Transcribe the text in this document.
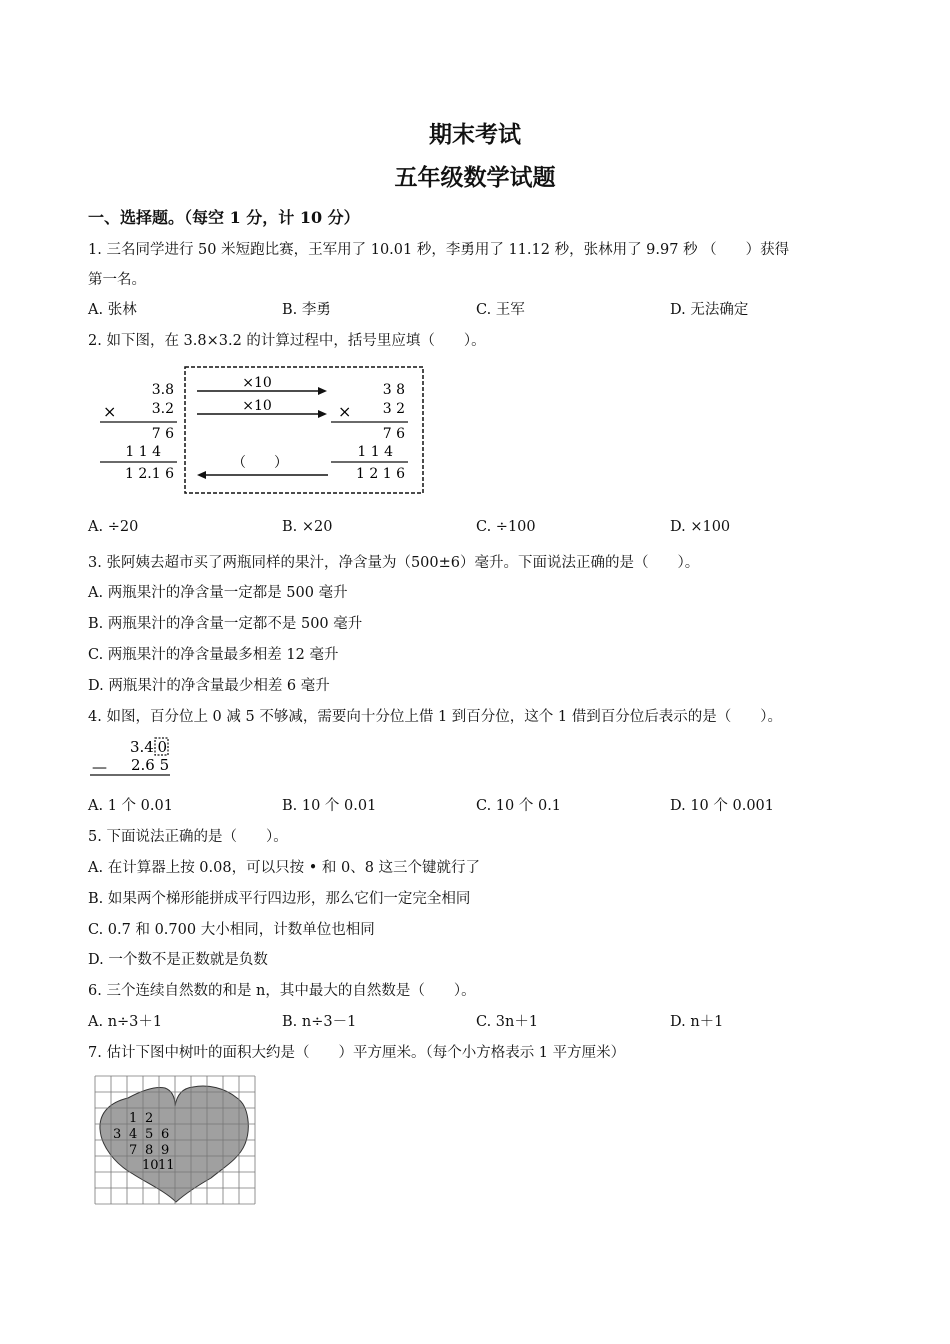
期末考试
五年级数学试题
一、选择题。（每空 1 分，计 10 分）
1. 三名同学进行 50 米短跑比赛，王军用了 10.01 秒，李勇用了 11.12 秒，张林用了 9.97 秒 （　　）获得
第一名。
A. 张林	B. 李勇	C. 王军	D. 无法确定
2. 如下图，在 3.8×3.2 的计算过程中，括号里应填（　　）。
3.8
×	3.2
7 6
1 1 4
1 2.1 6
×10
×10
（　　）
3 8
× 3 2
7 6
1 1 4
1 2 1 6
A. ÷20	B. ×20	C. ÷100	D. ×100
3. 张阿姨去超市买了两瓶同样的果汁，净含量为（500±6）毫升。下面说法正确的是（　　）。
A. 两瓶果汁的净含量一定都是 500 毫升
B. 两瓶果汁的净含量一定都不是 500 毫升
C. 两瓶果汁的净含量最多相差 12 毫升
D. 两瓶果汁的净含量最少相差 6 毫升
4. 如图，百分位上 0 减 5 不够减，需要向十分位上借 1 到百分位，这个 1 借到百分位后表示的是（　　）。
3.4 0
— 2.6 5
A. 1 个 0.01	B. 10 个 0.01	C. 10 个 0.1	D. 10 个 0.001
5. 下面说法正确的是（　　）。
A. 在计算器上按 0.08，可以只按 • 和 0、8 这三个键就行了
B. 如果两个梯形能拼成平行四边形，那么它们一定完全相同
C. 0.7 和 0.700 大小相同，计数单位也相同
D. 一个数不是正数就是负数
6. 三个连续自然数的和是 n，其中最大的自然数是（　　）。
A. n÷3＋1	B. n÷3－1	C. 3n＋1	D. n＋1
7. 估计下图中树叶的面积大约是（　　）平方厘米。（每个小方格表示 1 平方厘米）
1 2
3 4 5 6
7 8 9
10 11
